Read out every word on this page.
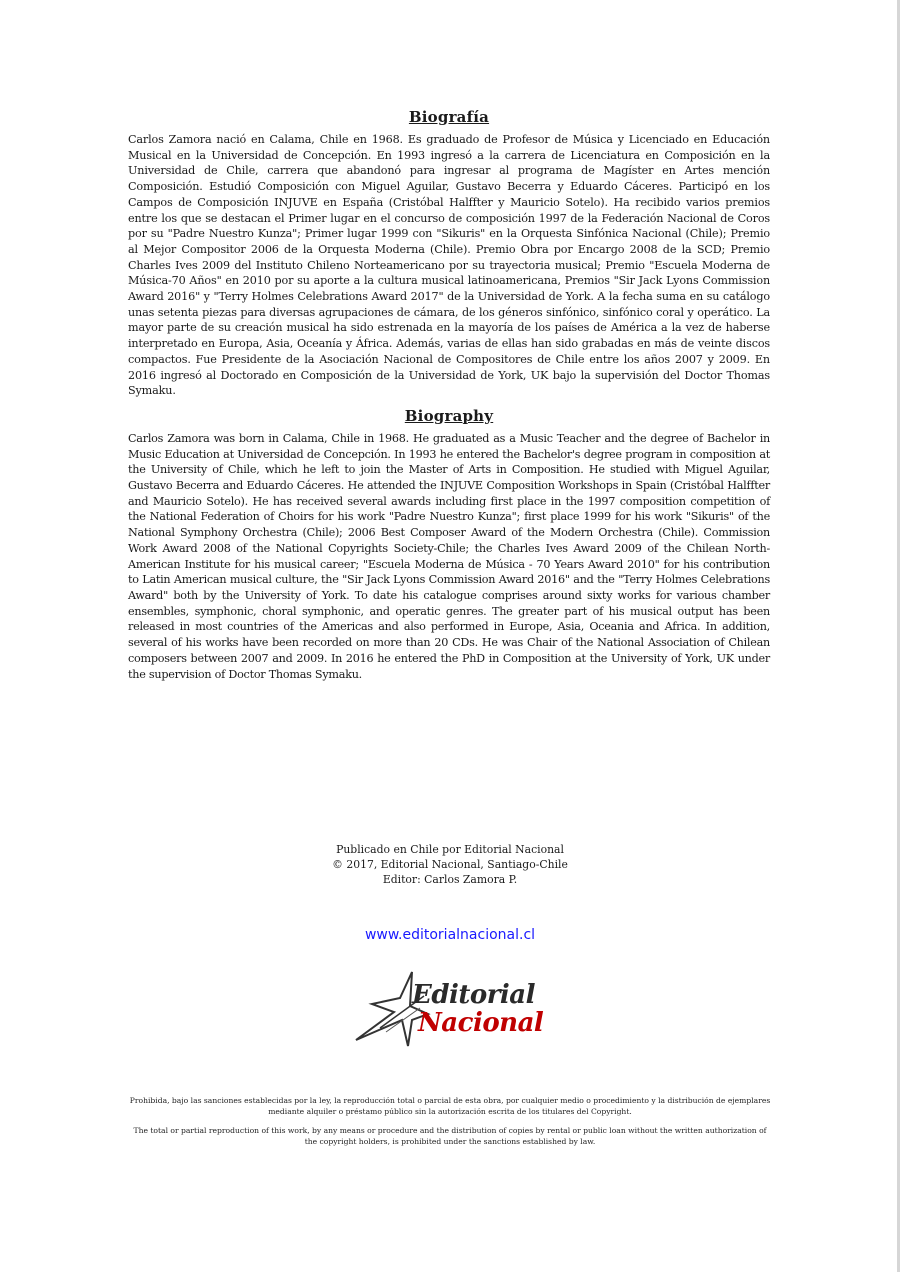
Biografía

Carlos Zamora nació en Calama, Chile en 1968. Es graduado de Profesor de Música y Licenciado en Educación Musical en la Universidad de Concepción. En 1993 ingresó a la carrera de Licenciatura en Composición en la Universidad de Chile, carrera que abandonó para ingresar al programa de Magíster en Artes mención Composición. Estudió Composición con Miguel Aguilar, Gustavo Becerra y Eduardo Cáceres. Participó en los Campos de Composición INJUVE en España (Cristóbal Halffter y Mauricio Sotelo). Ha recibido varios premios entre los que se destacan el Primer lugar en el concurso de composición 1997 de la Federación Nacional de Coros por su "Padre Nuestro Kunza"; Primer lugar 1999 con "Sikuris" en la Orquesta Sinfónica Nacional (Chile); Premio al Mejor Compositor 2006 de la Orquesta Moderna (Chile). Premio Obra por Encargo 2008 de la SCD; Premio Charles Ives 2009 del Instituto Chileno Norteamericano por su trayectoria musical; Premio "Escuela Moderna de Música-70 Años" en 2010 por su aporte a la cultura musical latinoamericana, Premios "Sir Jack Lyons Commission Award 2016" y "Terry Holmes Celebrations Award 2017" de la Universidad de York. A la fecha suma en su catálogo unas setenta piezas para diversas agrupaciones de cámara, de los géneros sinfónico, sinfónico coral y operático. La mayor parte de su creación musical ha sido estrenada en la mayoría de los países de América a la vez de haberse interpretado en Europa, Asia, Oceanía y África. Además, varias de ellas han sido grabadas en más de veinte discos compactos. Fue Presidente de la Asociación Nacional de Compositores de Chile entre los años 2007 y 2009. En 2016 ingresó al Doctorado en Composición de la Universidad de York, UK bajo la supervisión del Doctor Thomas Symaku.

Biography

Carlos Zamora was born in Calama, Chile in 1968. He graduated as a Music Teacher and the degree of Bachelor in Music Education at Universidad de Concepción. In 1993 he entered the Bachelor's degree program in composition at the University of Chile, which he left to join the Master of Arts in Composition. He studied with Miguel Aguilar, Gustavo Becerra and Eduardo Cáceres. He attended the INJUVE Composition Workshops in Spain (Cristóbal Halffter and Mauricio Sotelo). He has received several awards including first place in the 1997 composition competition of the National Federation of Choirs for his work "Padre Nuestro Kunza"; first place 1999 for his work "Sikuris" of the National Symphony Orchestra (Chile); 2006 Best Composer Award of the Modern Orchestra (Chile). Commission Work Award 2008 of the National Copyrights Society-Chile; the Charles Ives Award 2009 of the Chilean North-American Institute for his musical career; "Escuela Moderna de Música - 70 Years Award 2010" for his contribution to Latin American musical culture, the "Sir Jack Lyons Commission Award 2016" and the "Terry Holmes Celebrations Award" both by the University of York. To date his catalogue comprises around sixty works for various chamber ensembles, symphonic, choral symphonic, and operatic genres. The greater part of his musical output has been released in most countries of the Americas and also performed in Europe, Asia, Oceania and Africa. In addition, several of his works have been recorded on more than 20 CDs. He was Chair of the National Association of Chilean composers between 2007 and 2009. In 2016 he entered the PhD in Composition at the University of York, UK under the supervision of Doctor Thomas Symaku.

Publicado en Chile por Editorial Nacional
© 2017, Editorial Nacional, Santiago-Chile
Editor: Carlos Zamora P.
www.editorialnacional.cl
Editorial
Nacional

Prohibida, bajo las sanciones establecidas por la ley, la reproducción total o parcial de esta obra, por cualquier medio o procedimiento y la distribución de ejemplares mediante alquiler o préstamo público sin la autorización escrita de los titulares del Copyright.

The total or partial reproduction of this work, by any means or procedure and the distribution of copies by rental or public loan without the written authorization of the copyright holders, is prohibited under the sanctions established by law.
